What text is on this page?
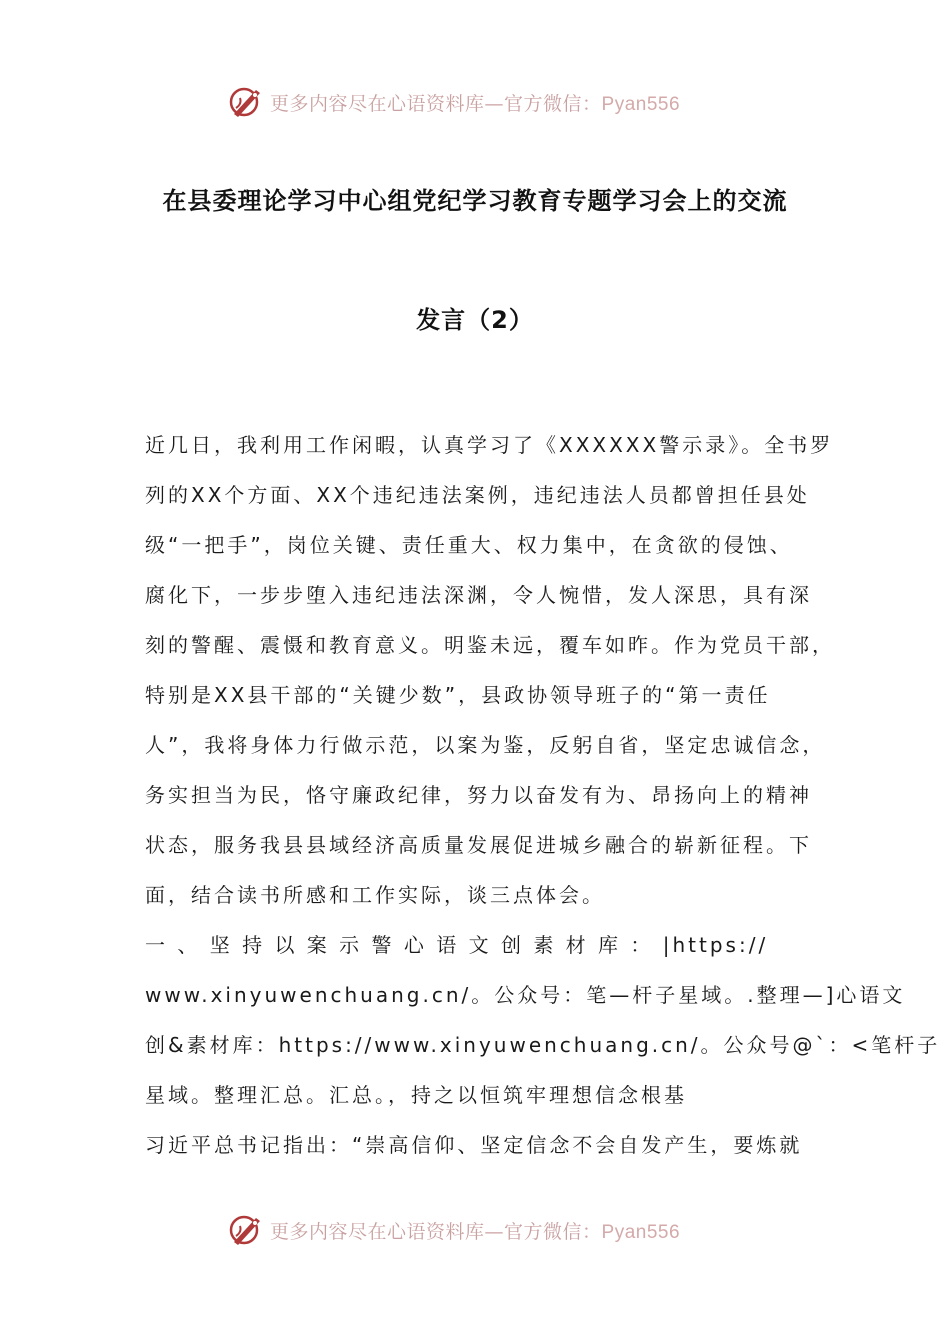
更多内容尽在心语资料库—官方微信：Pyan556
在县委理论学习中心组党纪学习教育专题学习会上的交流
发言（2）
近几日，我利用工作闲暇，认真学习了《XXXXXX警示录》。全书罗
列的XX个方面、XX个违纪违法案例，违纪违法人员都曾担任县处
级“一把手”，岗位关键、责任重大、权力集中，在贪欲的侵蚀、
腐化下，一步步堕入违纪违法深渊，令人惋惜，发人深思，具有深
刻的警醒、震慑和教育意义。明鉴未远，覆车如昨。作为党员干部，
特别是XX县干部的“关键少数”，县政协领导班子的“第一责任
人”，我将身体力行做示范，以案为鉴，反躬自省，坚定忠诚信念，
务实担当为民，恪守廉政纪律，努力以奋发有为、昂扬向上的精神
状态，服务我县县域经济高质量发展促进城乡融合的崭新征程。下
面，结合读书所感和工作实际，谈三点体会。
一 、 坚 持 以 案 示 警 心 语 文 创 素 材 库 ： |https://
www.xinyuwenchuang.cn/。公众号：笔—杆子星域。.整理—]心语文
创&素材库：https://www.xinyuwenchuang.cn/。公众号@`：<笔杆子
星域。整理汇总。汇总。，持之以恒筑牢理想信念根基
习近平总书记指出：“崇高信仰、坚定信念不会自发产生，要炼就
更多内容尽在心语资料库—官方微信：Pyan556
